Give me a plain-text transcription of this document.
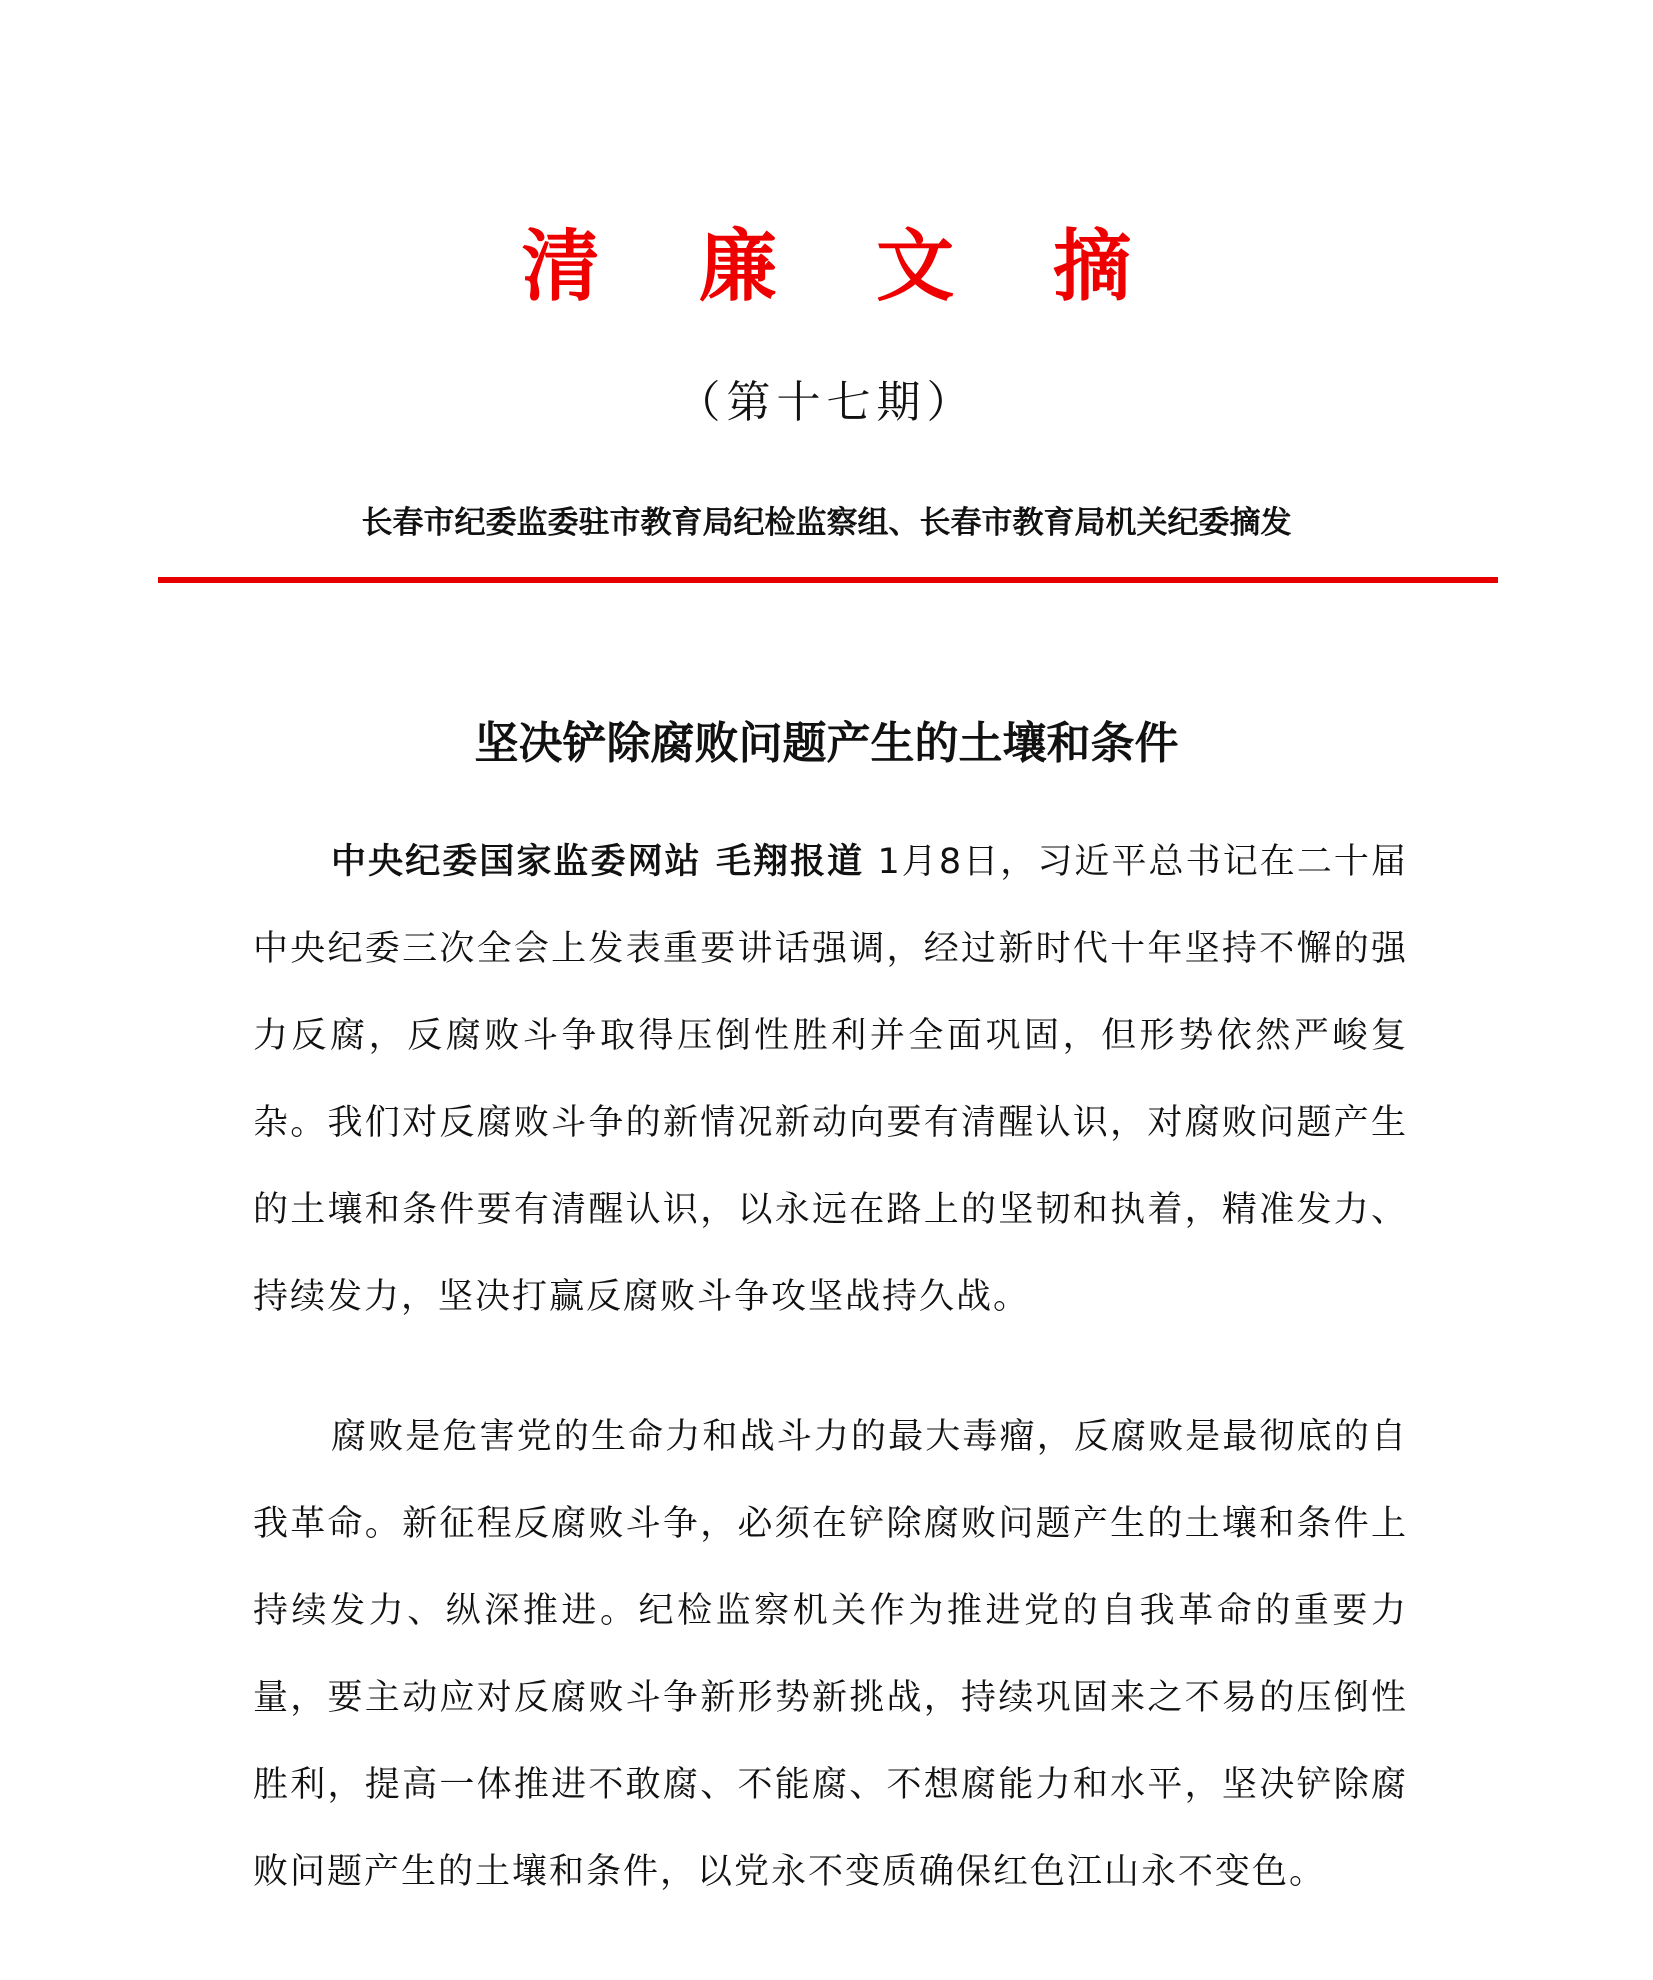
清 廉 文 摘
（第十七期）
长春市纪委监委驻市教育局纪检监察组、长春市教育局机关纪委摘发
坚决铲除腐败问题产生的土壤和条件

中央纪委国家监委网站 毛翔报道 1月8日，习近平总书记在二十届中央纪委三次全会上发表重要讲话强调，经过新时代十年坚持不懈的强力反腐，反腐败斗争取得压倒性胜利并全面巩固，但形势依然严峻复杂。我们对反腐败斗争的新情况新动向要有清醒认识，对腐败问题产生的土壤和条件要有清醒认识，以永远在路上的坚韧和执着，精准发力、持续发力，坚决打赢反腐败斗争攻坚战持久战。

腐败是危害党的生命力和战斗力的最大毒瘤，反腐败是最彻底的自我革命。新征程反腐败斗争，必须在铲除腐败问题产生的土壤和条件上持续发力、纵深推进。纪检监察机关作为推进党的自我革命的重要力量，要主动应对反腐败斗争新形势新挑战，持续巩固来之不易的压倒性胜利，提高一体推进不敢腐、不能腐、不想腐能力和水平，坚决铲除腐败问题产生的土壤和条件，以党永不变质确保红色江山永不变色。
